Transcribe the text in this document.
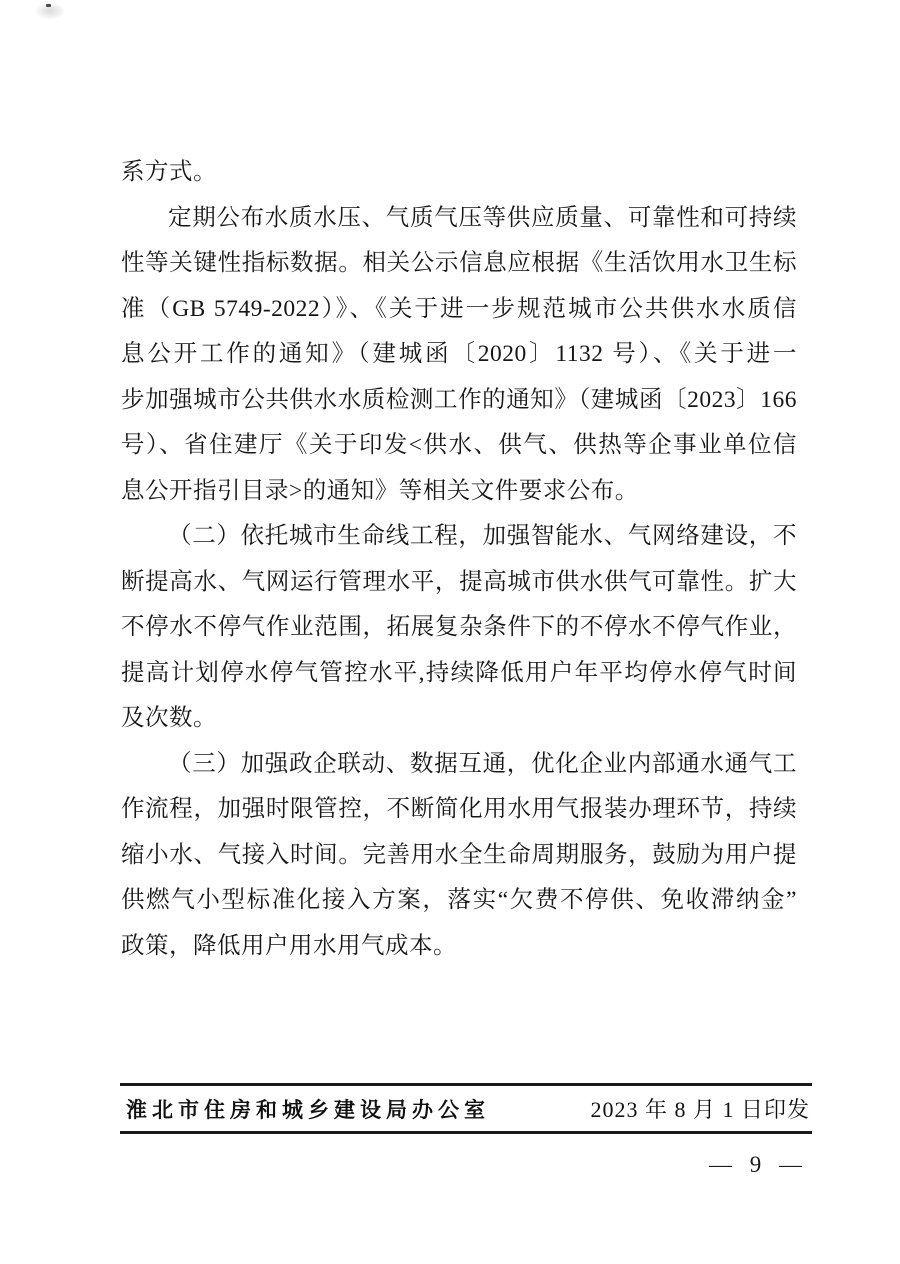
系方式。
定期公布水质水压、气质气压等供应质量、可靠性和可持续
性等关键性指标数据。相关公示信息应根据《生活饮用水卫生标
准（GB 5749-2022）》、《关于进一步规范城市公共供水水质信
息公开工作的通知》（建城函〔2020〕1132 号）、《关于进一
步加强城市公共供水水质检测工作的通知》（建城函〔2023〕166
号）、省住建厅《关于印发<供水、供气、供热等企事业单位信
息公开指引目录>的通知》等相关文件要求公布。
（二）依托城市生命线工程，加强智能水、气网络建设，不
断提高水、气网运行管理水平，提高城市供水供气可靠性。扩大
不停水不停气作业范围，拓展复杂条件下的不停水不停气作业，
提高计划停水停气管控水平,持续降低用户年平均停水停气时间
及次数。
（三）加强政企联动、数据互通，优化企业内部通水通气工
作流程，加强时限管控，不断简化用水用气报装办理环节，持续
缩小水、气接入时间。完善用水全生命周期服务，鼓励为用户提
供燃气小型标准化接入方案，落实“欠费不停供、免收滞纳金”
政策，降低用户用水用气成本。
淮北市住房和城乡建设局办公室	2023 年 8 月 1 日印发
— 9 —
